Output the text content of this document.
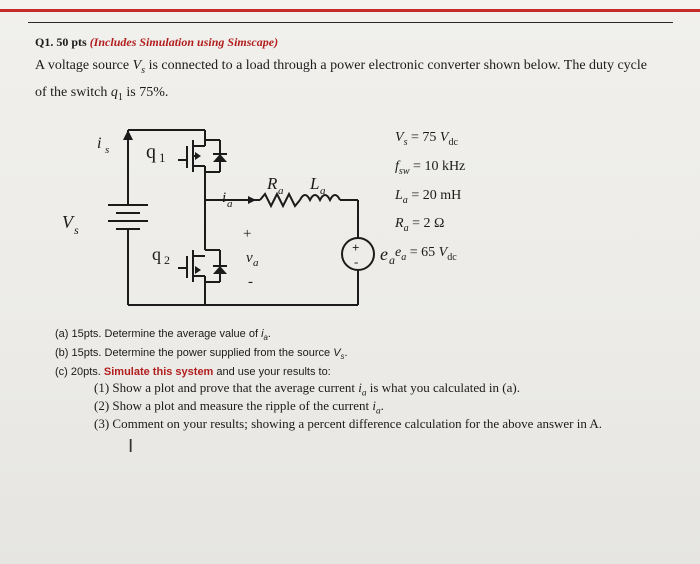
Q1. 50 pts (Includes Simulation using Simscape)
A voltage source $V_s$ is connected to a load through a power electronic converter shown below. The duty cycle
of the switch $q_1$ is 75%.
i s q 1
V s
q 2
i a
R a L a
+
v a
-
+
- e a
$V_s = 75$ $V_{dc}$
$f_{sw} = 10$ kHz
$L_a = 20$ mH
$R_a = 2$ Ω
$e_a = 65$ $V_{dc}$
(a) 15pts. Determine the average value of $i_a$.
(b) 15pts. Determine the power supplied from the source $V_s$.
(c) 20pts. Simulate this system and use your results to:
(1) Show a plot and prove that the average current $i_a$ is what you calculated in (a).
(2) Show a plot and measure the ripple of the current $i_a$.
(3) Comment on your results; showing a percent difference calculation for the above answer in A.
I
